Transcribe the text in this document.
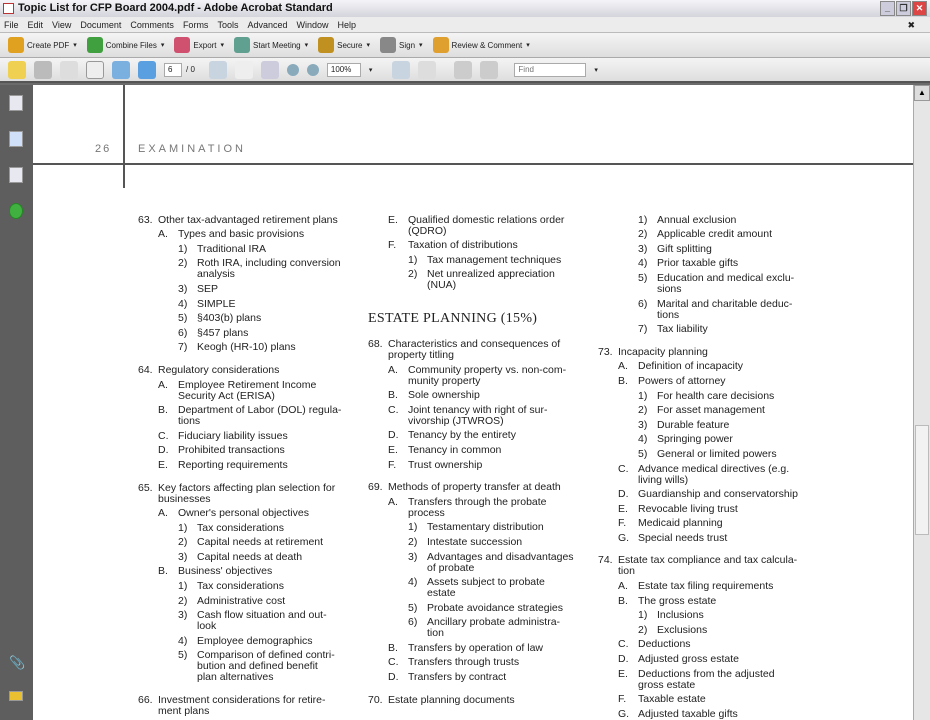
Topic List for CFP Board 2004.pdf - Adobe Acrobat Standard	_	❐ ✕
File Edit View Document Comments Forms Tools Advanced Window Help	✖
Create PDF ▾	Combine Files ▾	Export ▾	Start Meeting ▾	Secure ▾	Sign ▾	Review & Comment ▾
6	/ 0	100%	▾
Find	▾
📎
26 EXAMINATION
63. Other tax-advantaged retirement plans
A. Types and basic provisions
1) Traditional IRA
2) Roth IRA, including conversion
analysis
3) SEP
4) SIMPLE
5) §403(b) plans
6) §457 plans
7) Keogh (HR-10) plans
64. Regulatory considerations
A. Employee Retirement Income
Security Act (ERISA)
B. Department of Labor (DOL) regula-
tions
C. Fiduciary liability issues
D. Prohibited transactions
E. Reporting requirements
65. Key factors affecting plan selection for
businesses
A. Owner's personal objectives
1) Tax considerations
2) Capital needs at retirement
3) Capital needs at death
B. Business' objectives
1) Tax considerations
2) Administrative cost
3) Cash flow situation and out-
look
4) Employee demographics
5) Comparison of defined contri-
bution and defined benefit
plan alternatives
66. Investment considerations for retire-
ment plans
E. Qualified domestic relations order
(QDRO)
F. Taxation of distributions
1) Tax management techniques
2) Net unrealized appreciation
(NUA)
ESTATE PLANNING (15%)
68. Characteristics and consequences of
property titling
A. Community property vs. non-com-
munity property
B. Sole ownership
C. Joint tenancy with right of sur-
vivorship (JTWROS)
D. Tenancy by the entirety
E. Tenancy in common
F. Trust ownership
69. Methods of property transfer at death
A. Transfers through the probate
process
1) Testamentary distribution
2) Intestate succession
3) Advantages and disadvantages
of probate
4) Assets subject to probate
estate
5) Probate avoidance strategies
6) Ancillary probate administra-
tion
B. Transfers by operation of law
C. Transfers through trusts
D. Transfers by contract
70. Estate planning documents
1) Annual exclusion
2) Applicable credit amount
3) Gift splitting
4) Prior taxable gifts
5) Education and medical exclu-
sions
6) Marital and charitable deduc-
tions
7) Tax liability
73. Incapacity planning
A. Definition of incapacity
B. Powers of attorney
1) For health care decisions
2) For asset management
3) Durable feature
4) Springing power
5) General or limited powers
C. Advance medical directives (e.g.
living wills)
D. Guardianship and conservatorship
E. Revocable living trust
F. Medicaid planning
G. Special needs trust
74. Estate tax compliance and tax calcula-
tion
A. Estate tax filing requirements
B. The gross estate
1) Inclusions
2) Exclusions
C. Deductions
D. Adjusted gross estate
E. Deductions from the adjusted
gross estate
F. Taxable estate
G. Adjusted taxable gifts
▲
